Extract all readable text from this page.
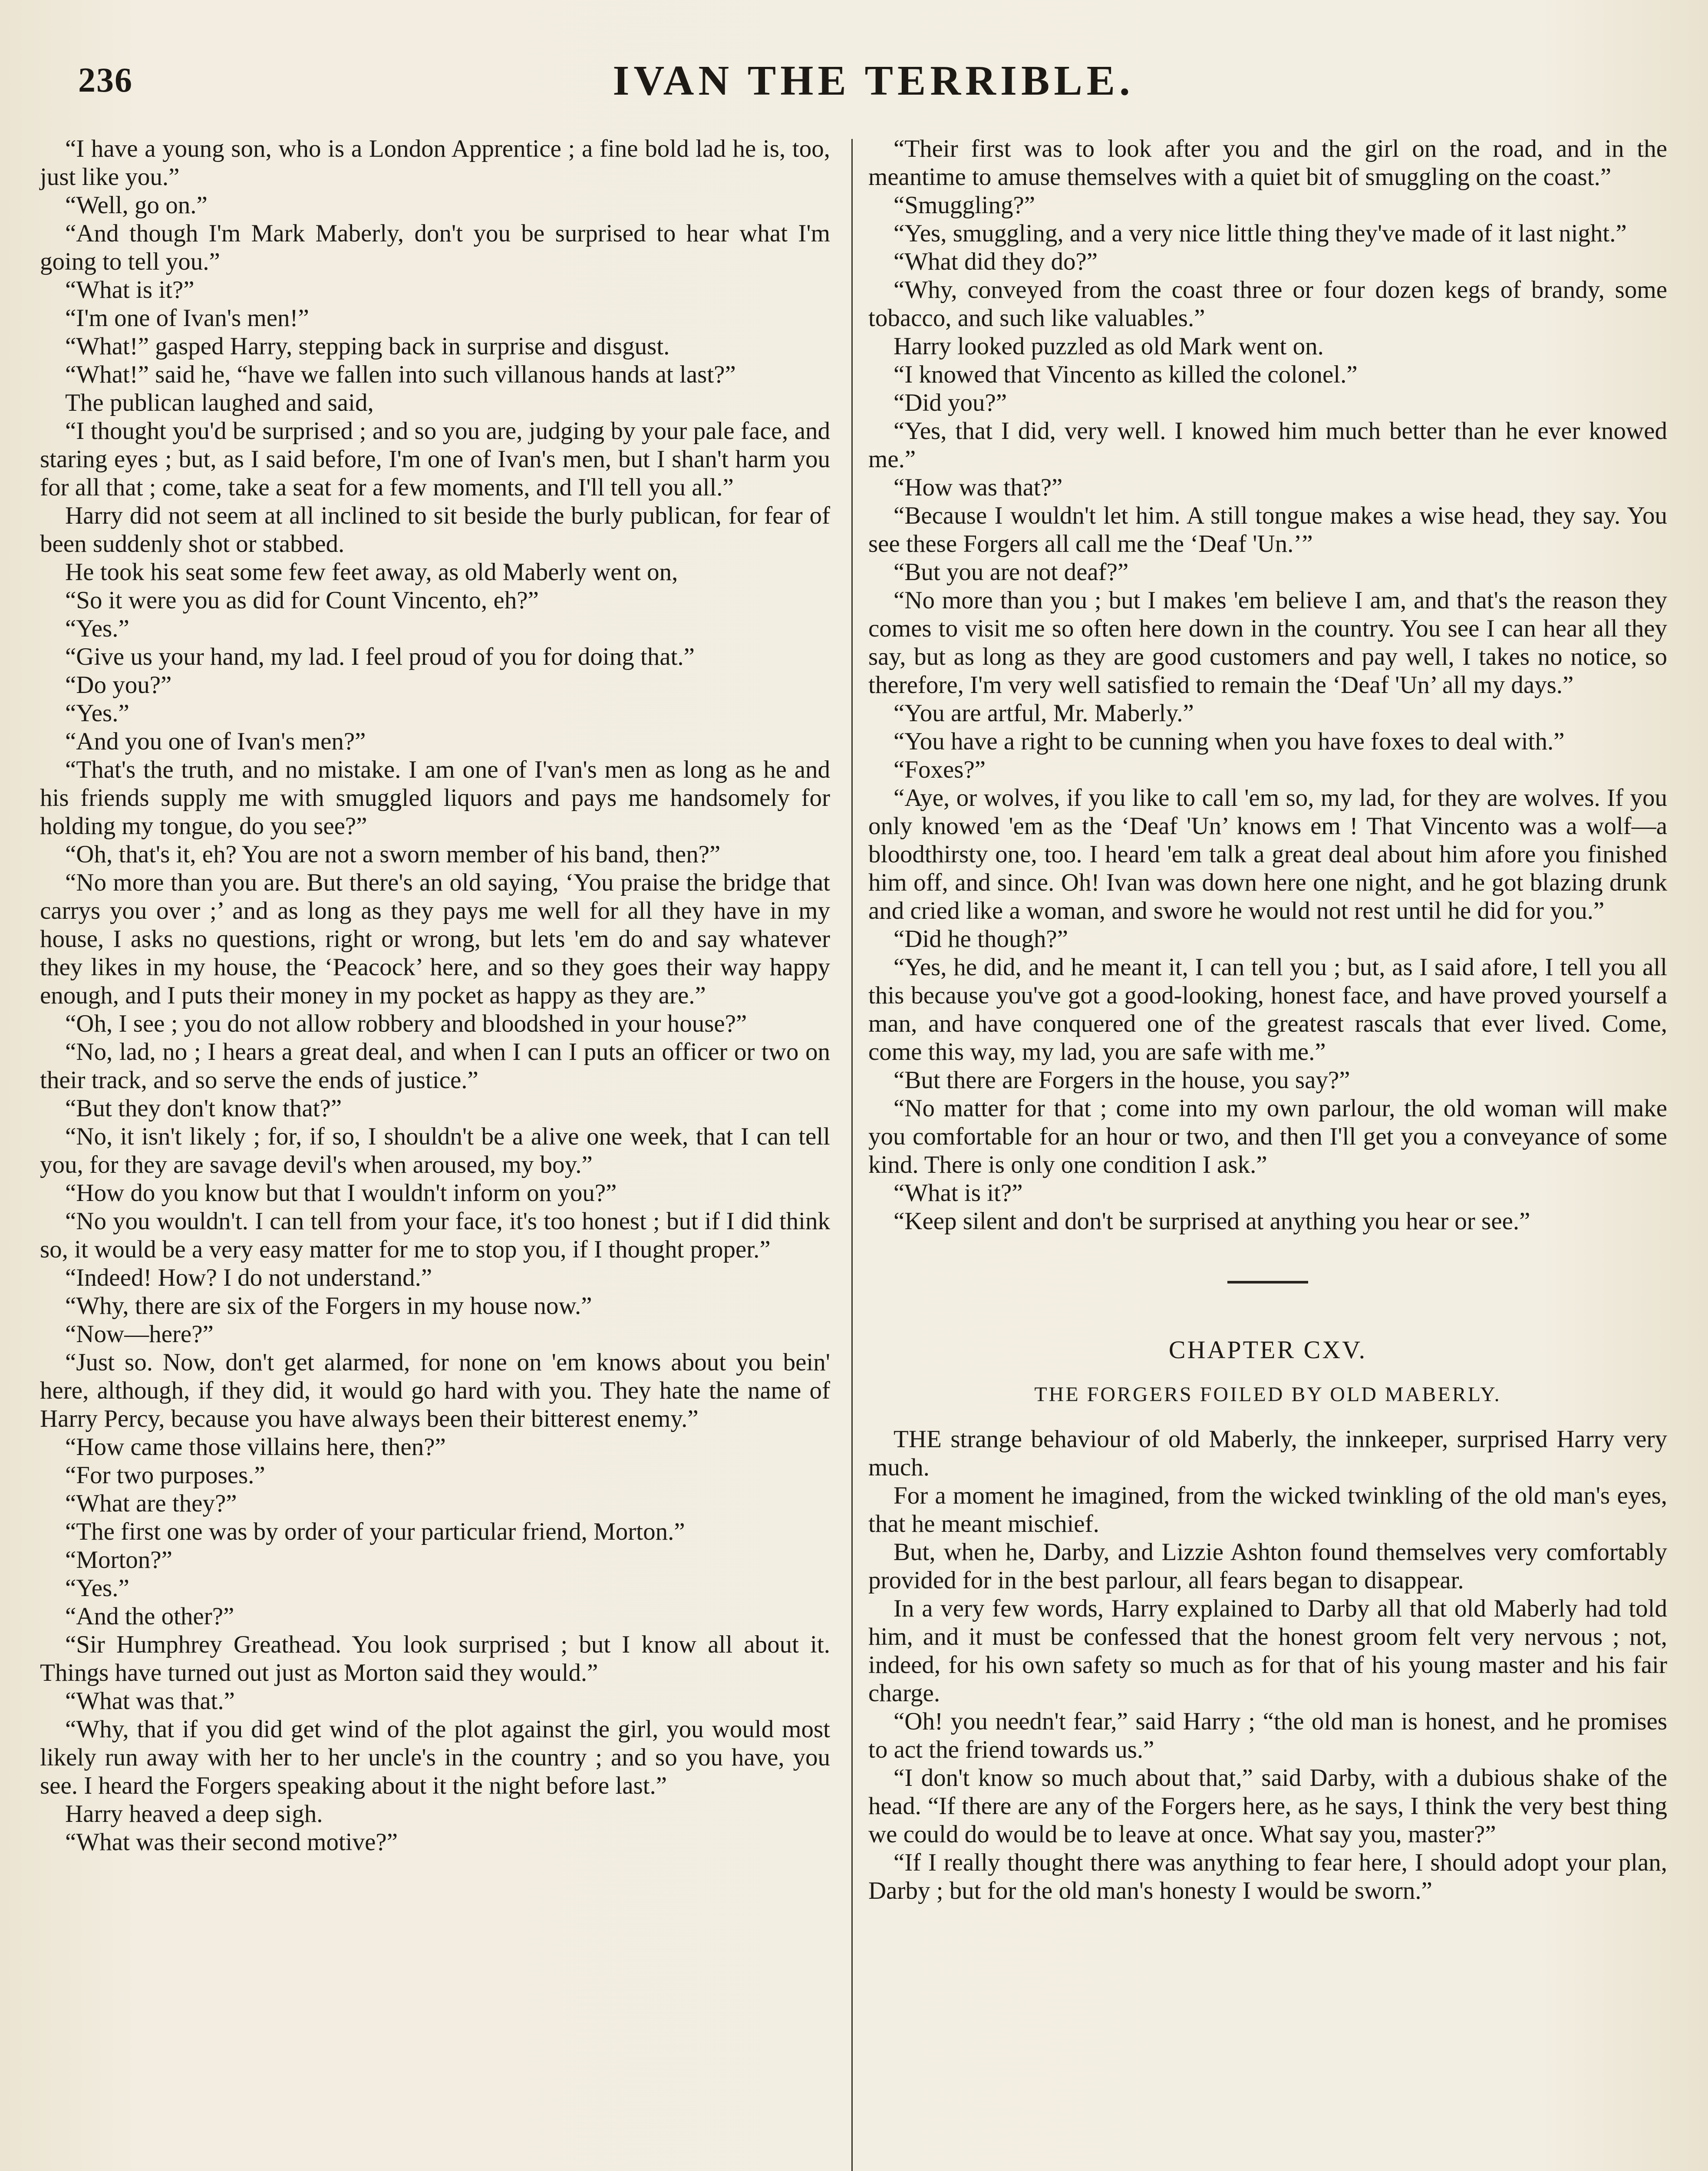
236	IVAN THE TERRIBLE.

“I have a young son, who is a London Apprentice ; a fine bold lad he is, too, just like you.”

“Well, go on.”

“And though I'm Mark Maberly, don't you be surprised to hear what I'm going to tell you.”

“What is it?”

“I'm one of Ivan's men!”

“What!” gasped Harry, stepping back in surprise and disgust.

“What!” said he, “have we fallen into such villanous hands at last?”

The publican laughed and said,

“I thought you'd be surprised ; and so you are, judging by your pale face, and staring eyes ; but, as I said before, I'm one of Ivan's men, but I shan't harm you for all that ; come, take a seat for a few moments, and I'll tell you all.”

Harry did not seem at all inclined to sit beside the burly publican, for fear of been suddenly shot or stabbed.

He took his seat some few feet away, as old Maberly went on,

“So it were you as did for Count Vincento, eh?”

“Yes.”

“Give us your hand, my lad. I feel proud of you for doing that.”

“Do you?”

“Yes.”

“And you one of Ivan's men?”

“That's the truth, and no mistake. I am one of I'van's men as long as he and his friends supply me with smuggled liquors and pays me handsomely for holding my tongue, do you see?”

“Oh, that's it, eh? You are not a sworn member of his band, then?”

“No more than you are. But there's an old saying, ‘You praise the bridge that carrys you over ;’ and as long as they pays me well for all they have in my house, I asks no questions, right or wrong, but lets 'em do and say whatever they likes in my house, the ‘Peacock’ here, and so they goes their way happy enough, and I puts their money in my pocket as happy as they are.”

“Oh, I see ; you do not allow robbery and bloodshed in your house?”

“No, lad, no ; I hears a great deal, and when I can I puts an officer or two on their track, and so serve the ends of justice.”

“But they don't know that?”

“No, it isn't likely ; for, if so, I shouldn't be a alive one week, that I can tell you, for they are savage devil's when aroused, my boy.”

“How do you know but that I wouldn't inform on you?”

“No you wouldn't. I can tell from your face, it's too honest ; but if I did think so, it would be a very easy matter for me to stop you, if I thought proper.”

“Indeed! How? I do not understand.”

“Why, there are six of the Forgers in my house now.”

“Now—here?”

“Just so. Now, don't get alarmed, for none on 'em knows about you bein' here, although, if they did, it would go hard with you. They hate the name of Harry Percy, because you have always been their bitterest enemy.”

“How came those villains here, then?”

“For two purposes.”

“What are they?”

“The first one was by order of your particular friend, Morton.”

“Morton?”

“Yes.”

“And the other?”

“Sir Humphrey Greathead. You look surprised ; but I know all about it. Things have turned out just as Morton said they would.”

“What was that.”

“Why, that if you did get wind of the plot against the girl, you would most likely run away with her to her uncle's in the country ; and so you have, you see. I heard the Forgers speaking about it the night before last.”

Harry heaved a deep sigh.

“What was their second motive?”

“Their first was to look after you and the girl on the road, and in the meantime to amuse themselves with a quiet bit of smuggling on the coast.”

“Smuggling?”

“Yes, smuggling, and a very nice little thing they've made of it last night.”

“What did they do?”

“Why, conveyed from the coast three or four dozen kegs of brandy, some tobacco, and such like valuables.”

Harry looked puzzled as old Mark went on.

“I knowed that Vincento as killed the colonel.”

“Did you?”

“Yes, that I did, very well. I knowed him much better than he ever knowed me.”

“How was that?”

“Because I wouldn't let him. A still tongue makes a wise head, they say. You see these Forgers all call me the ‘Deaf 'Un.’”

“But you are not deaf?”

“No more than you ; but I makes 'em believe I am, and that's the reason they comes to visit me so often here down in the country. You see I can hear all they say, but as long as they are good customers and pay well, I takes no notice, so therefore, I'm very well satisfied to remain the ‘Deaf 'Un’ all my days.”

“You are artful, Mr. Maberly.”

“You have a right to be cunning when you have foxes to deal with.”

“Foxes?”

“Aye, or wolves, if you like to call 'em so, my lad, for they are wolves. If you only knowed 'em as the ‘Deaf 'Un’ knows em ! That Vincento was a wolf—a bloodthirsty one, too. I heard 'em talk a great deal about him afore you finished him off, and since. Oh! Ivan was down here one night, and he got blazing drunk and cried like a woman, and swore he would not rest until he did for you.”

“Did he though?”

“Yes, he did, and he meant it, I can tell you ; but, as I said afore, I tell you all this because you've got a good-looking, honest face, and have proved yourself a man, and have conquered one of the greatest rascals that ever lived. Come, come this way, my lad, you are safe with me.”

“But there are Forgers in the house, you say?”

“No matter for that ; come into my own parlour, the old woman will make you comfortable for an hour or two, and then I'll get you a conveyance of some kind. There is only one condition I ask.”

“What is it?”

“Keep silent and don't be surprised at anything you hear or see.”

CHAPTER CXV.
THE FORGERS FOILED BY OLD MABERLY.

THE strange behaviour of old Maberly, the innkeeper, surprised Harry very much.

For a moment he imagined, from the wicked twinkling of the old man's eyes, that he meant mischief.

But, when he, Darby, and Lizzie Ashton found themselves very comfortably provided for in the best parlour, all fears began to disappear.

In a very few words, Harry explained to Darby all that old Maberly had told him, and it must be confessed that the honest groom felt very nervous ; not, indeed, for his own safety so much as for that of his young master and his fair charge.

“Oh! you needn't fear,” said Harry ; “the old man is honest, and he promises to act the friend towards us.”

“I don't know so much about that,” said Darby, with a dubious shake of the head. “If there are any of the Forgers here, as he says, I think the very best thing we could do would be to leave at once. What say you, master?”

“If I really thought there was anything to fear here, I should adopt your plan, Darby ; but for the old man's honesty I would be sworn.”
